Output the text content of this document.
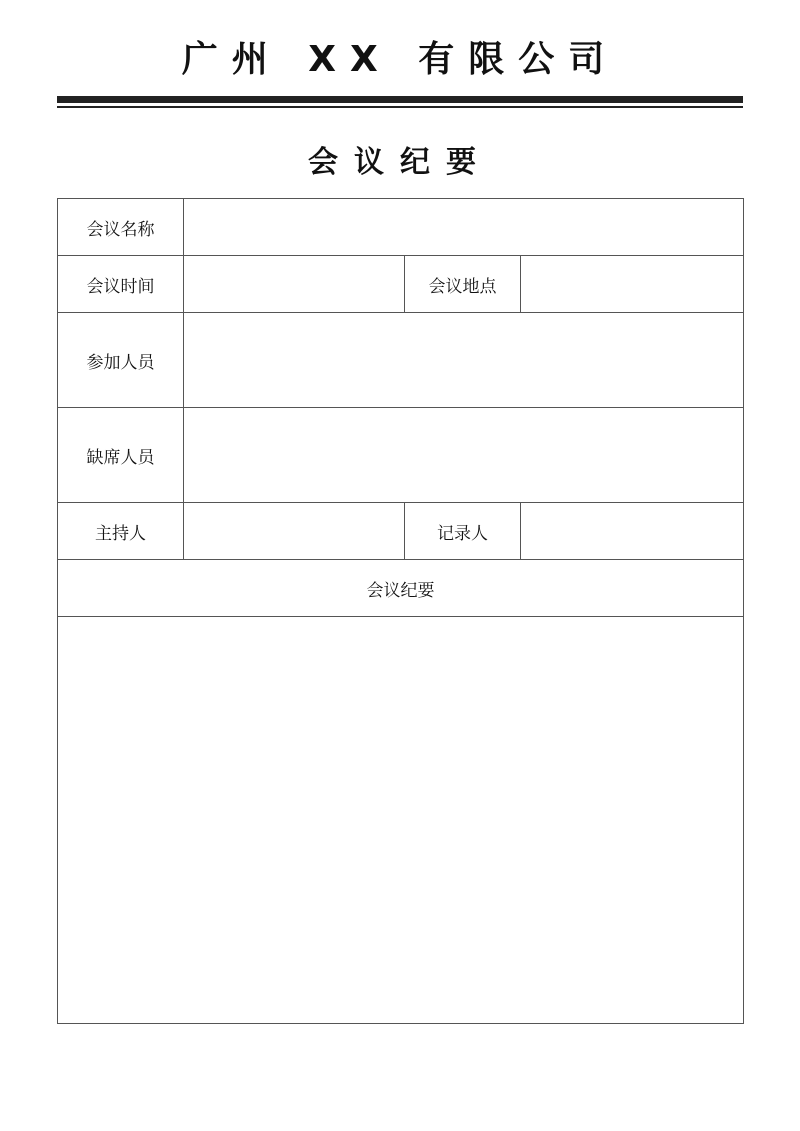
广州 XX 有限公司
会议纪要
会议名称			
会议时间		会议地点	
参加人员			
缺席人员			
主持人		记录人	
会议纪要			
